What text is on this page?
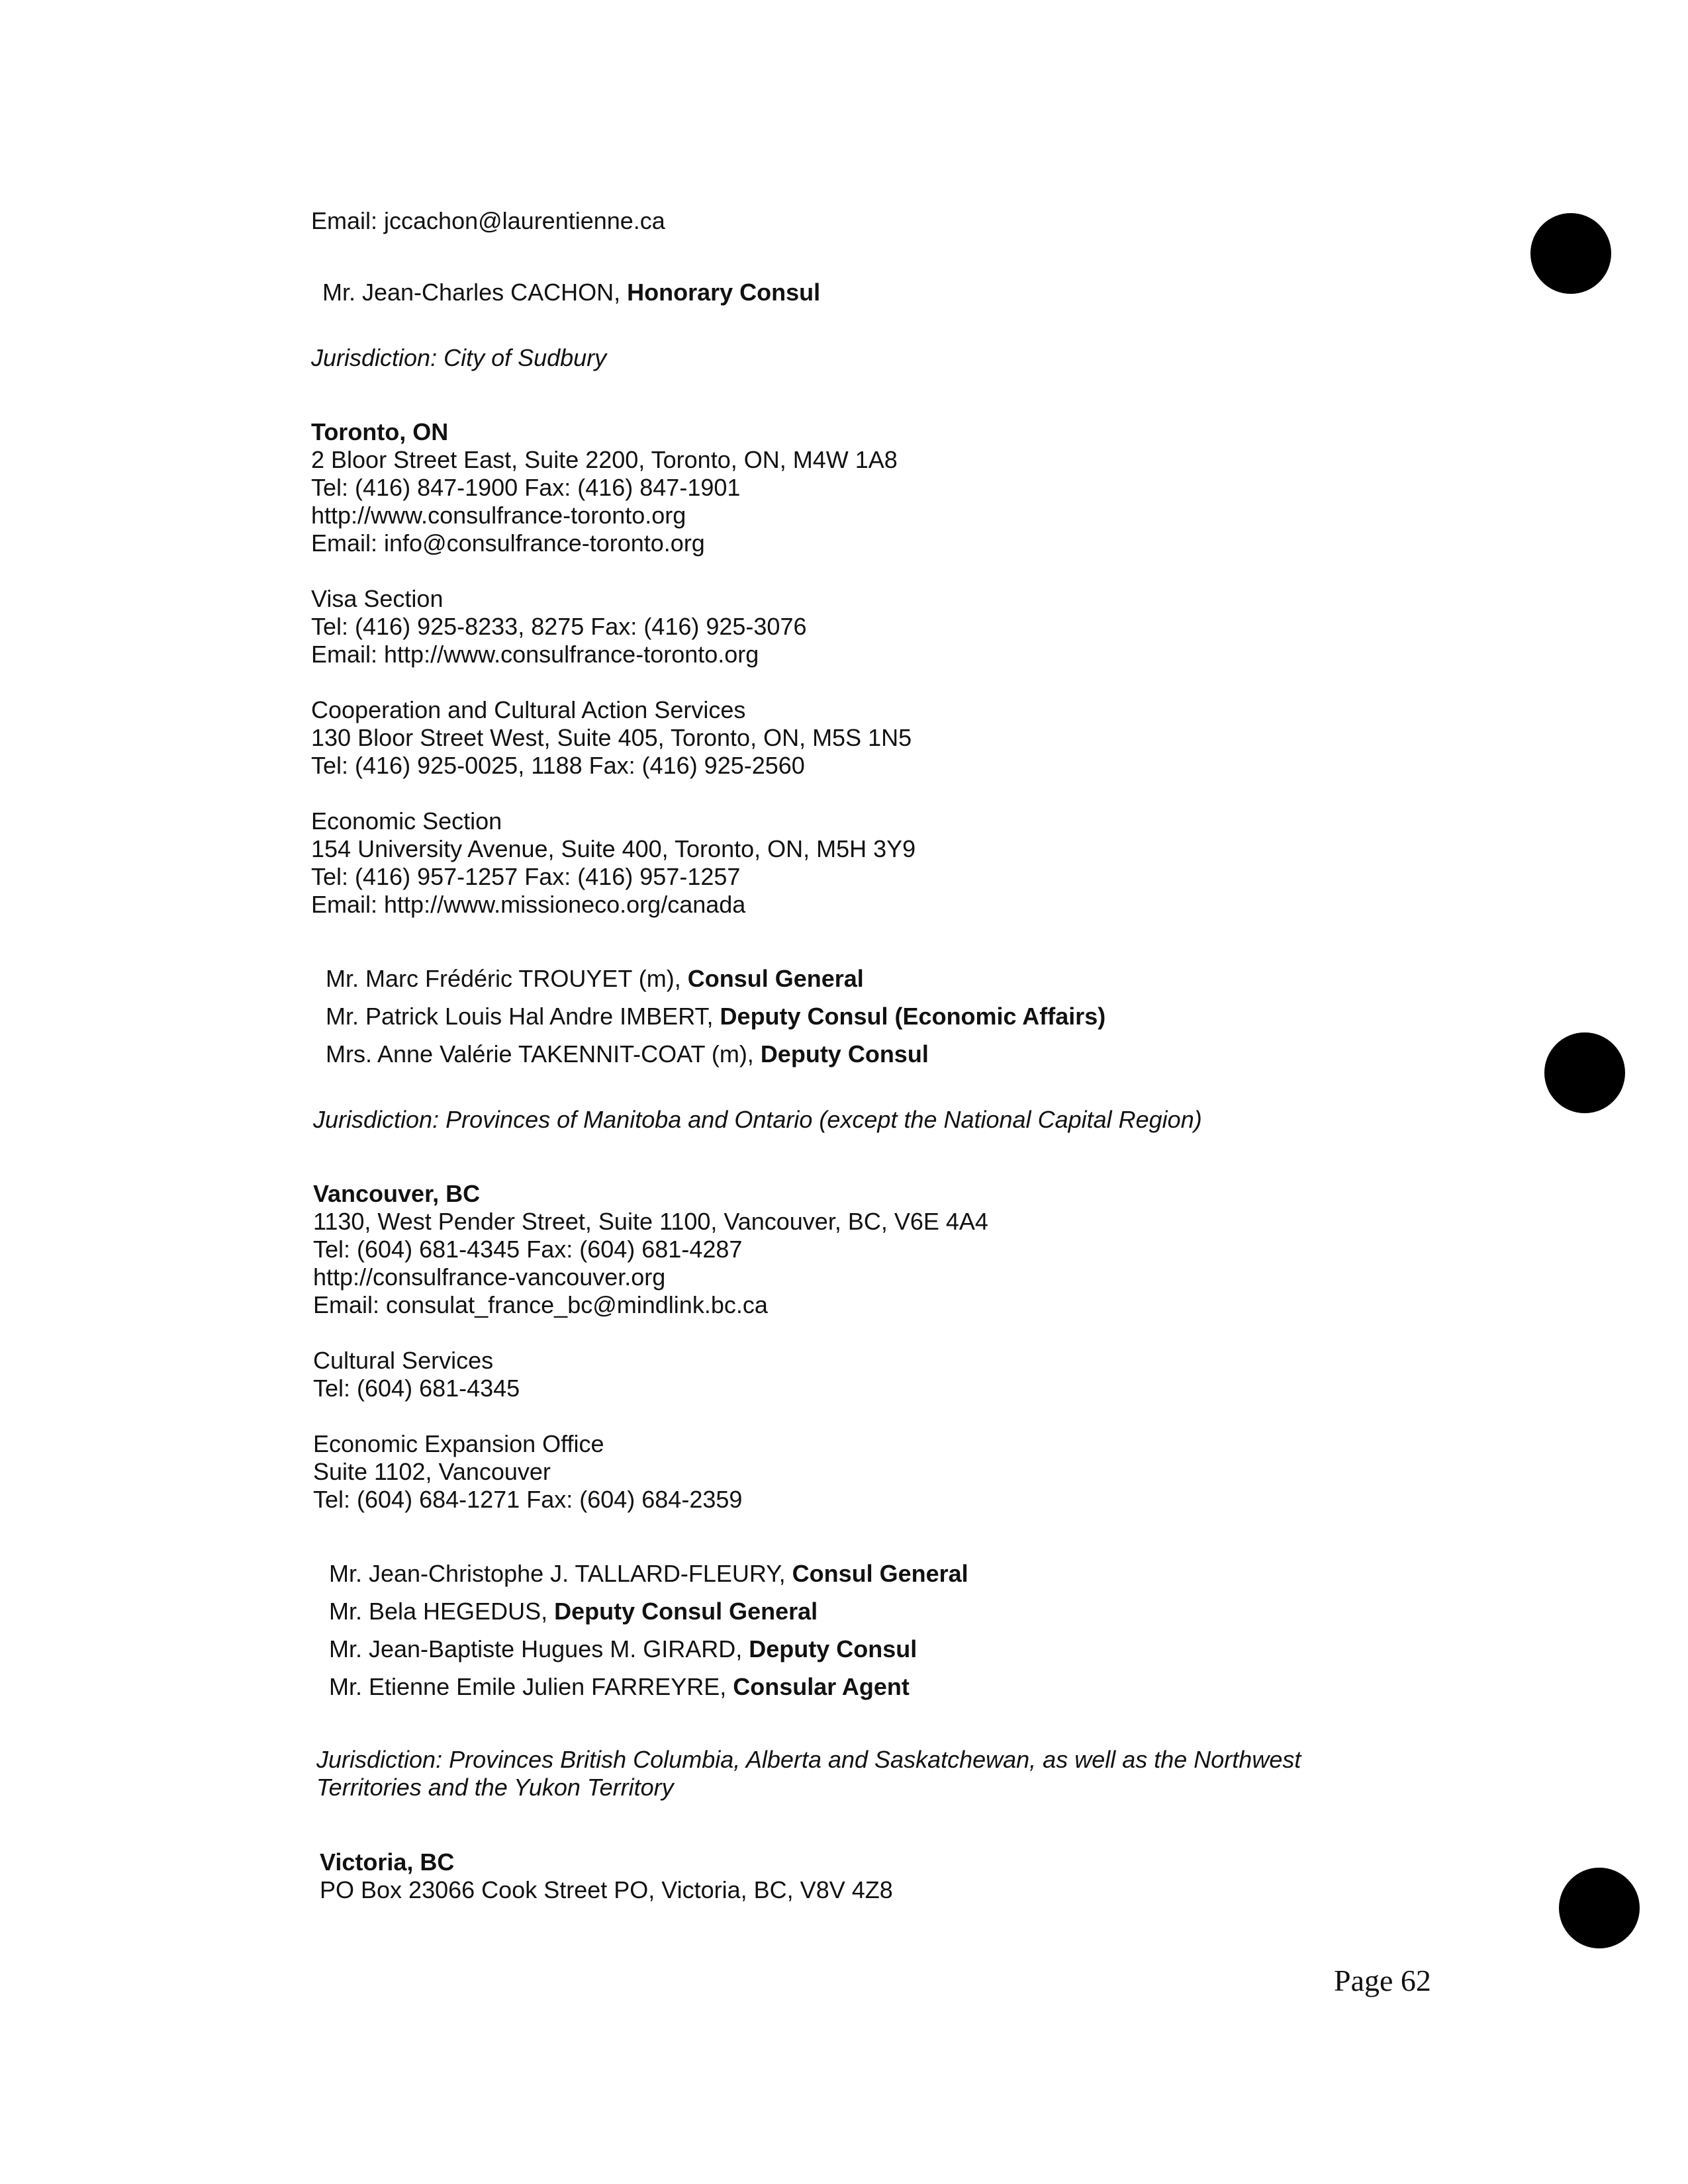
Email: jccachon@laurentienne.ca
Mr. Jean-Charles CACHON, Honorary Consul
Jurisdiction: City of Sudbury
Toronto, ON
2 Bloor Street East, Suite 2200, Toronto, ON, M4W 1A8
Tel: (416) 847-1900 Fax: (416) 847-1901
http://www.consulfrance-toronto.org
Email: info@consulfrance-toronto.org
Visa Section
Tel: (416) 925-8233, 8275 Fax: (416) 925-3076
Email: http://www.consulfrance-toronto.org
Cooperation and Cultural Action Services
130 Bloor Street West, Suite 405, Toronto, ON, M5S 1N5
Tel: (416) 925-0025, 1188 Fax: (416) 925-2560
Economic Section
154 University Avenue, Suite 400, Toronto, ON, M5H 3Y9
Tel: (416) 957-1257 Fax: (416) 957-1257
Email: http://www.missioneco.org/canada
Mr. Marc Frédéric TROUYET (m), Consul General
Mr. Patrick Louis Hal Andre IMBERT, Deputy Consul (Economic Affairs)
Mrs. Anne Valérie TAKENNIT-COAT (m), Deputy Consul
Jurisdiction: Provinces of Manitoba and Ontario (except the National Capital Region)
Vancouver, BC
1130, West Pender Street, Suite 1100, Vancouver, BC, V6E 4A4
Tel: (604) 681-4345 Fax: (604) 681-4287
http://consulfrance-vancouver.org
Email: consulat_france_bc@mindlink.bc.ca
Cultural Services
Tel: (604) 681-4345
Economic Expansion Office
Suite 1102, Vancouver
Tel: (604) 684-1271 Fax: (604) 684-2359
Mr. Jean-Christophe J. TALLARD-FLEURY, Consul General
Mr. Bela HEGEDUS, Deputy Consul General
Mr. Jean-Baptiste Hugues M. GIRARD, Deputy Consul
Mr. Etienne Emile Julien FARREYRE, Consular Agent
Jurisdiction: Provinces British Columbia, Alberta and Saskatchewan, as well as the Northwest
Territories and the Yukon Territory
Victoria, BC
PO Box 23066 Cook Street PO, Victoria, BC, V8V 4Z8
Page 62
